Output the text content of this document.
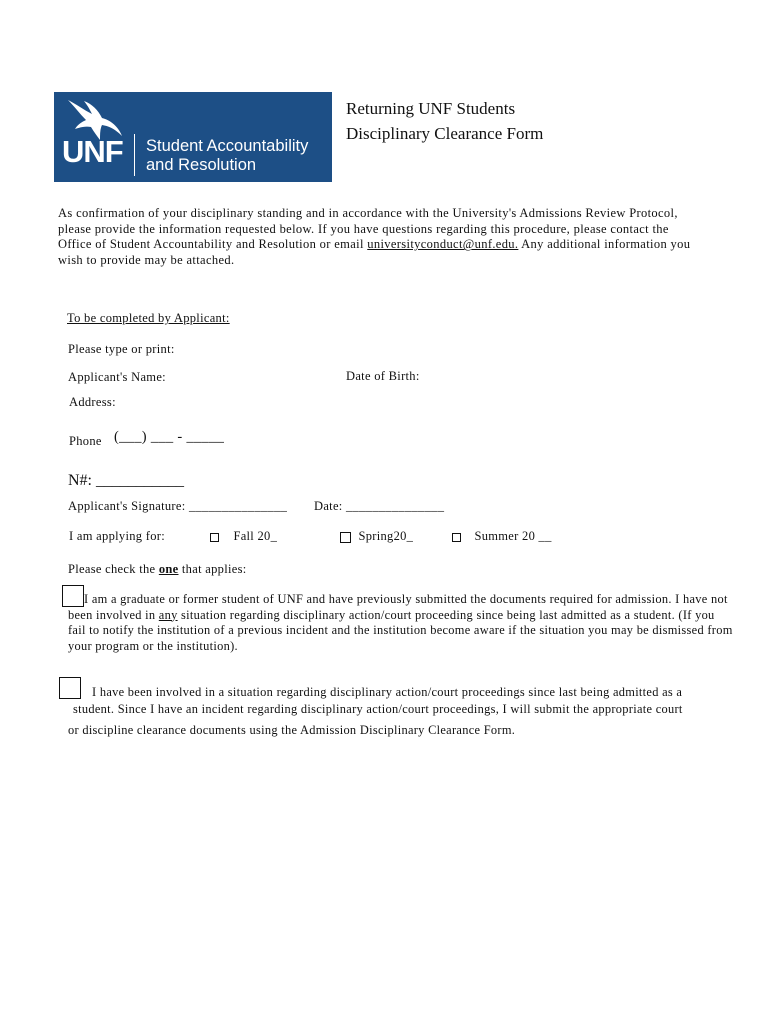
UNF Student Accountability and Resolution
Returning UNF Students
Disciplinary Clearance Form
As confirmation of your disciplinary standing and in accordance with the University's Admissions Review Protocol, please provide the information requested below. If you have questions regarding this procedure, please contact the Office of Student Accountability and Resolution or email universityconduct@unf.edu. Any additional information you wish to provide may be attached.
To be completed by Applicant:
Please type or print:
Applicant's Name:	Date of Birth:
Address:
Phone (___) ___ - _____
N#: ___________
Applicant's Signature: _______________ Date: _______________
I am applying for:	Fall 20_	Spring20_	Summer 20 __
Please check the one that applies:
I am a graduate or former student of UNF and have previously submitted the documents required for admission. I have not been involved in any situation regarding disciplinary action/court proceeding since being last admitted as a student. (If you fail to notify the institution of a previous incident and the institution become aware if the situation you may be dismissed from your program or the institution).
I have been involved in a situation regarding disciplinary action/court proceedings since last being admitted as a
student. Since I have an incident regarding disciplinary action/court proceedings, I will submit the appropriate court
or discipline clearance documents using the Admission Disciplinary Clearance Form.
